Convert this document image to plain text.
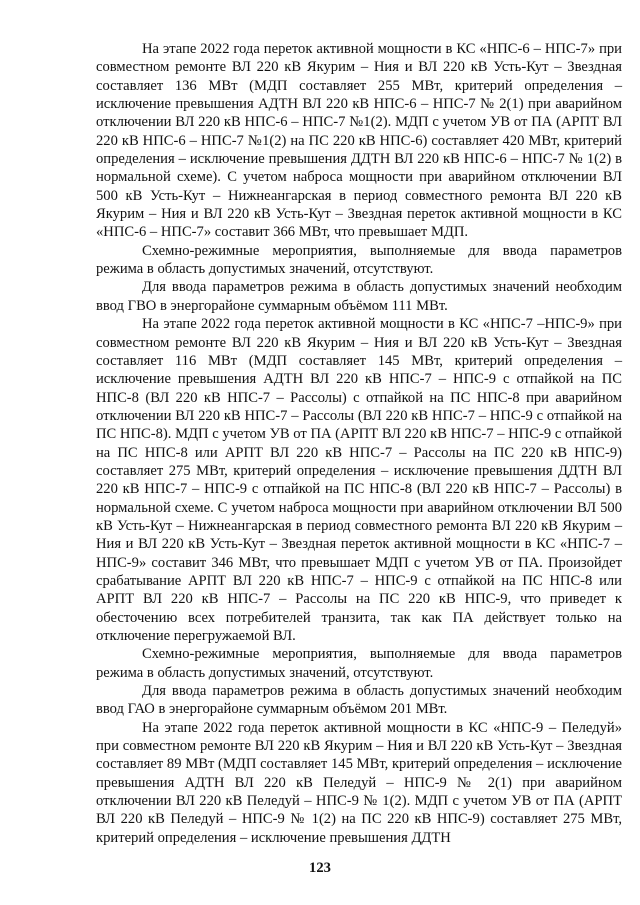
На этапе 2022 года переток активной мощности в КС «НПС-6 – НПС-7» при совместном ремонте ВЛ 220 кВ Якурим – Ния и ВЛ 220 кВ Усть-Кут – Звездная составляет 136 МВт (МДП составляет 255 МВт, критерий определения – исключение превышения АДТН ВЛ 220 кВ НПС-6 – НПС-7 № 2(1) при аварийном отключении ВЛ 220 кВ НПС-6 – НПС-7 №1(2). МДП с учетом УВ от ПА (АРПТ ВЛ 220 кВ НПС-6 – НПС-7 №1(2) на ПС 220 кВ НПС-6) составляет 420 МВт, критерий определения – исключение превышения ДДТН ВЛ 220 кВ НПС-6 – НПС-7 № 1(2) в нормальной схеме). С учетом наброса мощности при аварийном отключении ВЛ 500 кВ Усть-Кут – Нижнеангарская в период совместного ремонта ВЛ 220 кВ Якурим – Ния и ВЛ 220 кВ Усть-Кут – Звездная переток активной мощности в КС «НПС-6 – НПС-7» составит 366 МВт, что превышает МДП.

Схемно-режимные мероприятия, выполняемые для ввода параметров режима в область допустимых значений, отсутствуют.

Для ввода параметров режима в область допустимых значений необходим ввод ГВО в энергорайоне суммарным объёмом 111 МВт.

На этапе 2022 года переток активной мощности в КС «НПС-7 –НПС-9» при совместном ремонте ВЛ 220 кВ Якурим – Ния и ВЛ 220 кВ Усть-Кут – Звездная составляет 116 МВт (МДП составляет 145 МВт, критерий определения – исключение превышения АДТН ВЛ 220 кВ НПС-7 – НПС-9 с отпайкой на ПС НПС-8 (ВЛ 220 кВ НПС-7 – Рассолы) с отпайкой на ПС НПС-8 при аварийном отключении ВЛ 220 кВ НПС-7 – Рассолы (ВЛ 220 кВ НПС-7 – НПС-9 с отпайкой на ПС НПС-8). МДП с учетом УВ от ПА (АРПТ ВЛ 220 кВ НПС-7 – НПС-9 с отпайкой на ПС НПС-8 или АРПТ ВЛ 220 кВ НПС-7 – Рассолы на ПС 220 кВ НПС-9) составляет 275 МВт, критерий определения – исключение превышения ДДТН ВЛ 220 кВ НПС-7 – НПС-9 с отпайкой на ПС НПС-8 (ВЛ 220 кВ НПС-7 – Рассолы) в нормальной схеме. С учетом наброса мощности при аварийном отключении ВЛ 500 кВ Усть-Кут – Нижнеангарская в период совместного ремонта ВЛ 220 кВ Якурим – Ния и ВЛ 220 кВ Усть-Кут – Звездная переток активной мощности в КС «НПС-7 – НПС-9» составит 346 МВт, что превышает МДП с учетом УВ от ПА. Произойдет срабатывание АРПТ ВЛ 220 кВ НПС-7 – НПС-9 с отпайкой на ПС НПС-8 или АРПТ ВЛ 220 кВ НПС-7 – Рассолы на ПС 220 кВ НПС-9, что приведет к обесточению всех потребителей транзита, так как ПА действует только на отключение перегружаемой ВЛ.

Схемно-режимные мероприятия, выполняемые для ввода параметров режима в область допустимых значений, отсутствуют.

Для ввода параметров режима в область допустимых значений необходим ввод ГАО в энергорайоне суммарным объёмом 201 МВт.

На этапе 2022 года переток активной мощности в КС «НПС-9 – Пеледуй» при совместном ремонте ВЛ 220 кВ Якурим – Ния и ВЛ 220 кВ Усть-Кут – Звездная составляет 89 МВт (МДП составляет 145 МВт, критерий определения – исключение превышения АДТН ВЛ 220 кВ Пеледуй – НПС-9 № 2(1) при аварийном отключении ВЛ 220 кВ Пеледуй – НПС-9 № 1(2). МДП с учетом УВ от ПА (АРПТ ВЛ 220 кВ Пеледуй – НПС-9 № 1(2) на ПС 220 кВ НПС-9) составляет 275 МВт, критерий определения – исключение превышения ДДТН

123
